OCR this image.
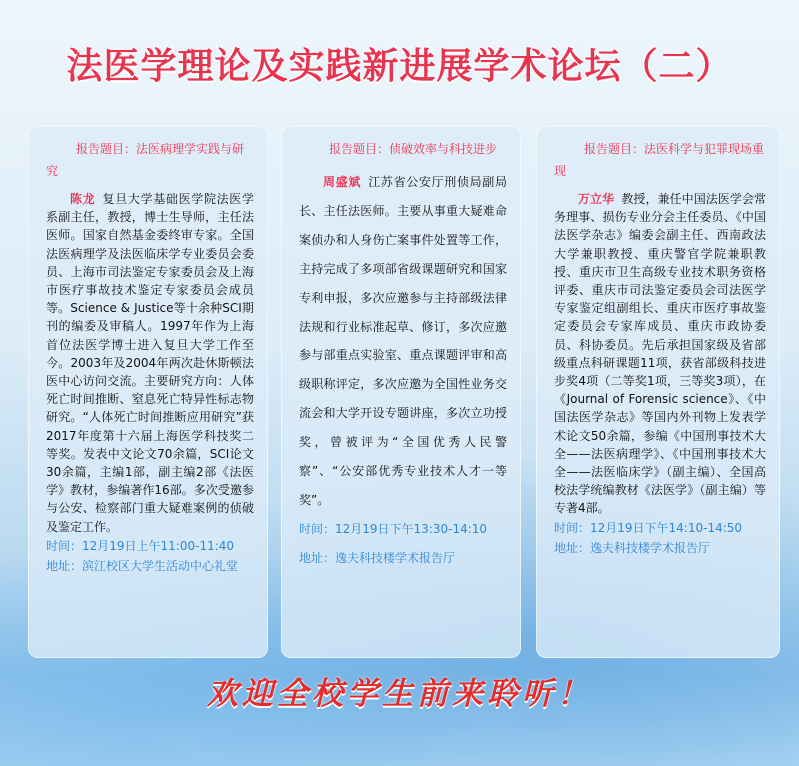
法医学理论及实践新进展学术论坛（二）
报告题目：法医病理学实践与研究
陈龙 复旦大学基础医学院法医学系副主任，教授，博士生导师，主任法医师。国家自然基金委终审专家。全国法医病理学及法医临床学专业委员会委员、上海市司法鉴定专家委员会及上海市医疗事故技术鉴定专家委员会成员等。Science & Justice等十余种SCI期刊的编委及审稿人。1997年作为上海首位法医学博士进入复旦大学工作至今。2003年及2004年两次赴休斯顿法医中心访问交流。主要研究方向：人体死亡时间推断、窒息死亡特异性标志物研究。“人体死亡时间推断应用研究”获2017年度第十六届上海医学科技奖二等奖。发表中文论文70余篇，SCI论文30余篇，主编1部，副主编2部《法医学》教材，参编著作16部。多次受邀参与公安、检察部门重大疑难案例的侦破及鉴定工作。
时间：12月19日上午11:00-11:40
地址：滨江校区大学生活动中心礼堂
报告题目：侦破效率与科技进步
周盛斌 江苏省公安厅刑侦局副局长、主任法医师。主要从事重大疑难命案侦办和人身伤亡案事件处置等工作，主持完成了多项部省级课题研究和国家专利申报，多次应邀参与主持部级法律法规和行业标准起草、修订，多次应邀参与部重点实验室、重点课题评审和高级职称评定，多次应邀为全国性业务交流会和大学开设专题讲座，多次立功授奖，曾被评为“全国优秀人民警察”、“公安部优秀专业技术人才一等奖”。
时间：12月19日下午13:30-14:10
地址：逸夫科技楼学术报告厅
报告题目：法医科学与犯罪现场重现
万立华 教授，兼任中国法医学会常务理事、损伤专业分会主任委员、《中国法医学杂志》编委会副主任、西南政法大学兼职教授、重庆警官学院兼职教授、重庆市卫生高级专业技术职务资格评委、重庆市司法鉴定委员会司法医学专家鉴定组副组长、重庆市医疗事故鉴定委员会专家库成员、重庆市政协委员、科协委员。先后承担国家级及省部级重点科研课题11项，获省部级科技进步奖4项（二等奖1项，三等奖3项），在《Journal of Forensic science》、《中国法医学杂志》等国内外刊物上发表学术论文50余篇，参编《中国刑事技术大全——法医病理学》、《中国刑事技术大全——法医临床学》（副主编）、全国高校法学统编教材《法医学》（副主编）等专著4部。
时间：12月19日下午14:10-14:50
地址：逸夫科技楼学术报告厅
欢迎全校学生前来聆听！
